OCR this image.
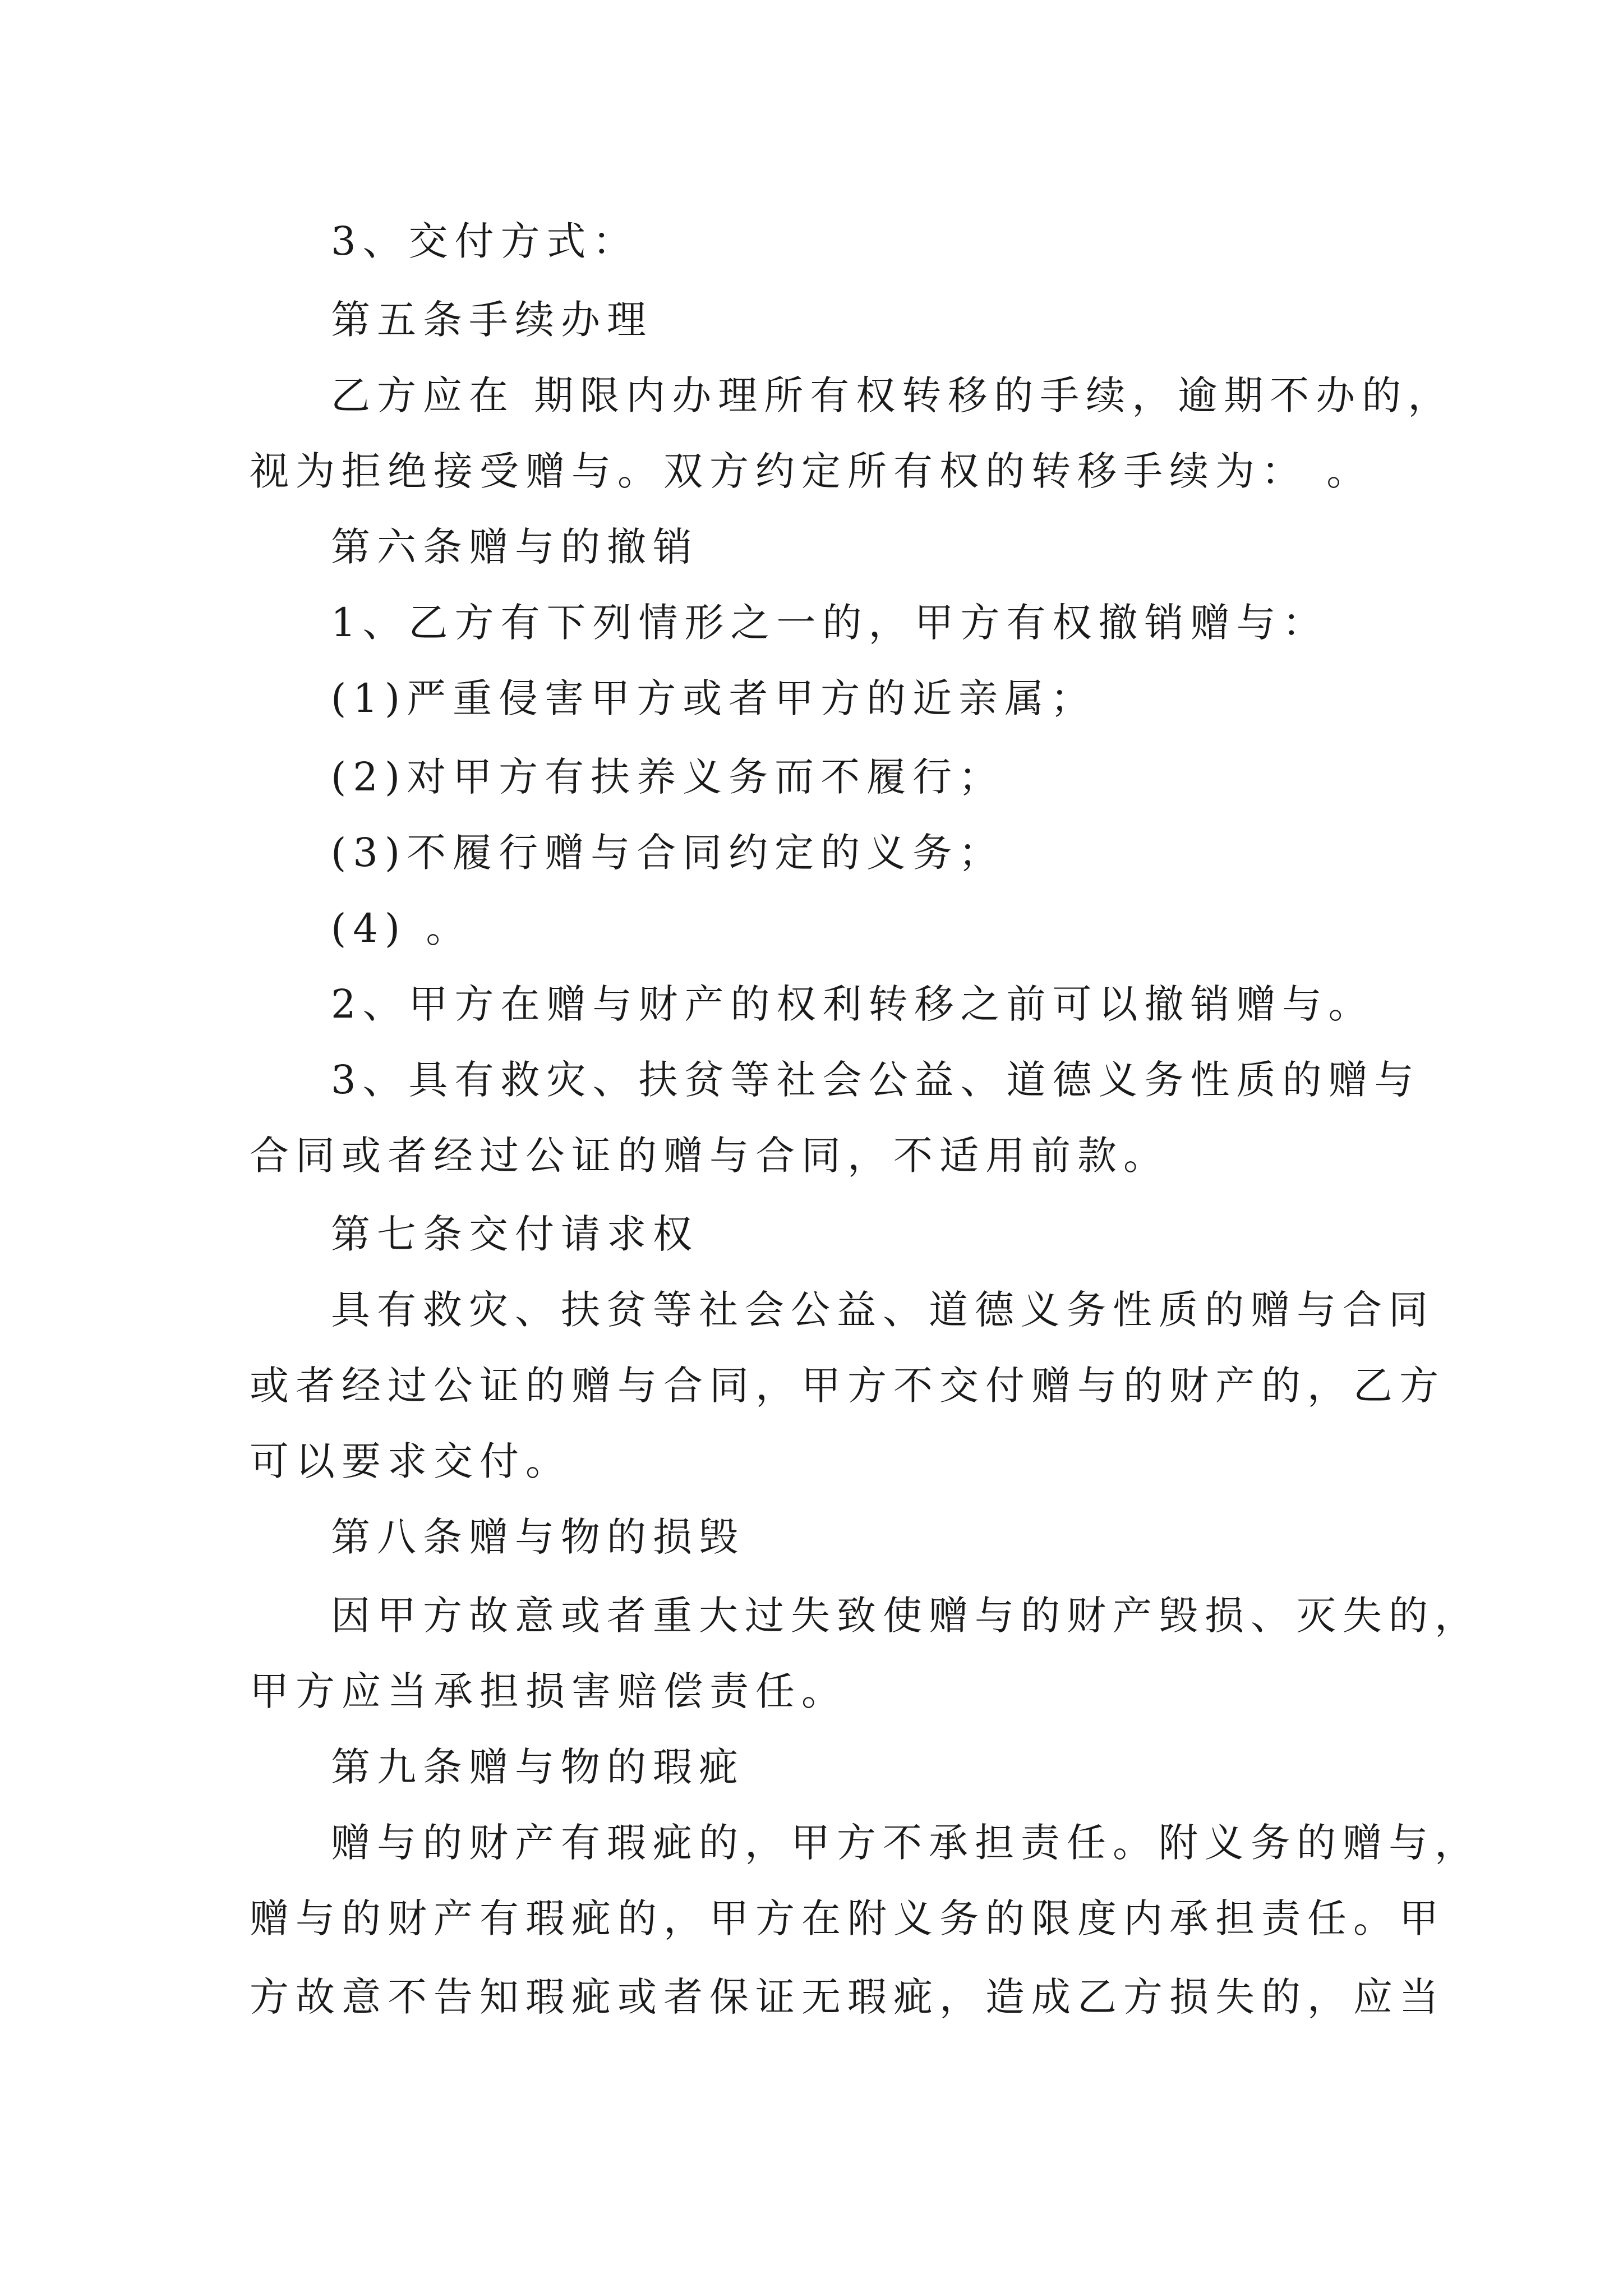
3、交付方式：

第五条手续办理

乙方应在 期限内办理所有权转移的手续，逾期不办的，

视为拒绝接受赠与。双方约定所有权的转移手续为： 。

第六条赠与的撤销

1、乙方有下列情形之一的，甲方有权撤销赠与：

(1)严重侵害甲方或者甲方的近亲属；

(2)对甲方有扶养义务而不履行；

(3)不履行赠与合同约定的义务；

(4) 。

2、甲方在赠与财产的权利转移之前可以撤销赠与。

3、具有救灾、扶贫等社会公益、道德义务性质的赠与

合同或者经过公证的赠与合同，不适用前款。

第七条交付请求权

具有救灾、扶贫等社会公益、道德义务性质的赠与合同

或者经过公证的赠与合同，甲方不交付赠与的财产的，乙方

可以要求交付。

第八条赠与物的损毁

因甲方故意或者重大过失致使赠与的财产毁损、灭失的，

甲方应当承担损害赔偿责任。

第九条赠与物的瑕疵

赠与的财产有瑕疵的，甲方不承担责任。附义务的赠与，

赠与的财产有瑕疵的，甲方在附义务的限度内承担责任。甲

方故意不告知瑕疵或者保证无瑕疵，造成乙方损失的，应当
